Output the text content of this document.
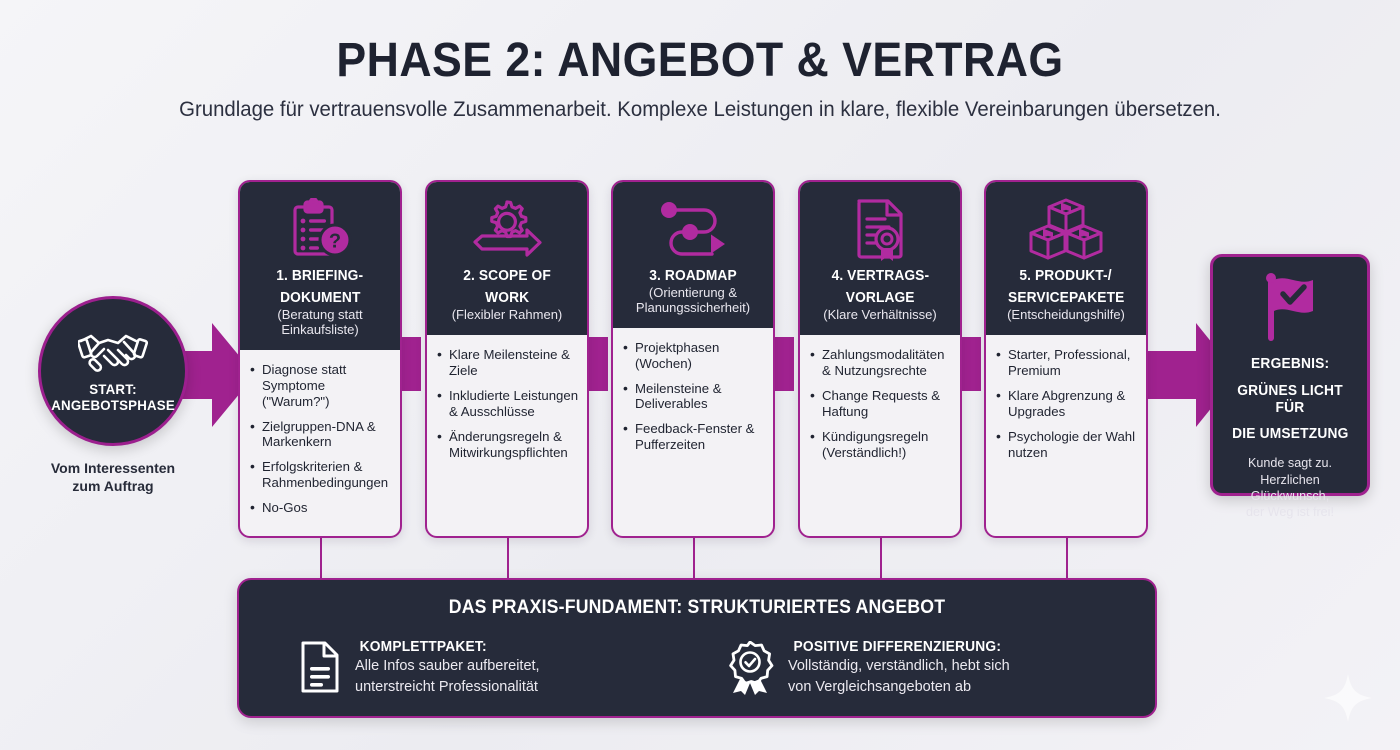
PHASE 2: ANGEBOT & VERTRAG
Grundlage für vertrauensvolle Zusammenarbeit. Komplexe Leistungen in klare, flexible Vereinbarungen übersetzen.
START:
ANGEBOTSPHASE
Vom Interessenten
zum Auftrag
?
1. BRIEFING-
DOKUMENT
(Beratung statt Einkaufsliste)
• Diagnose statt Symptome ("Warum?")
• Zielgruppen-DNA & Markenkern
• Erfolgskriterien & Rahmenbedingungen
• No-Gos
2. SCOPE OF
WORK
(Flexibler Rahmen)
• Klare Meilensteine & Ziele
• Inkludierte Leistungen & Ausschlüsse
• Änderungsregeln & Mitwirkungspflichten
3. ROADMAP
(Orientierung & Planungssicherheit)
• Projektphasen (Wochen)
• Meilensteine & Deliverables
• Feedback-Fenster & Pufferzeiten
4. VERTRAGS-
VORLAGE
(Klare Verhältnisse)
• Zahlungsmodalitäten & Nutzungsrechte
• Change Requests & Haftung
• Kündigungsregeln (Verständlich!)
5. PRODUKT-/
SERVICEPAKETE
(Entscheidungshilfe)
• Starter, Professional, Premium
• Klare Abgrenzung & Upgrades
• Psychologie der Wahl nutzen
ERGEBNIS:
GRÜNES LICHT FÜR
DIE UMSETZUNG
Kunde sagt zu.
Herzlichen Glückwunsch,
der Weg ist frei!
DAS PRAXIS-FUNDAMENT: STRUKTURIERTES ANGEBOT
KOMPLETTPAKET:
Alle Infos sauber aufbereitet,
unterstreicht Professionalität
POSITIVE DIFFERENZIERUNG:
Vollständig, verständlich, hebt sich
von Vergleichsangeboten ab
